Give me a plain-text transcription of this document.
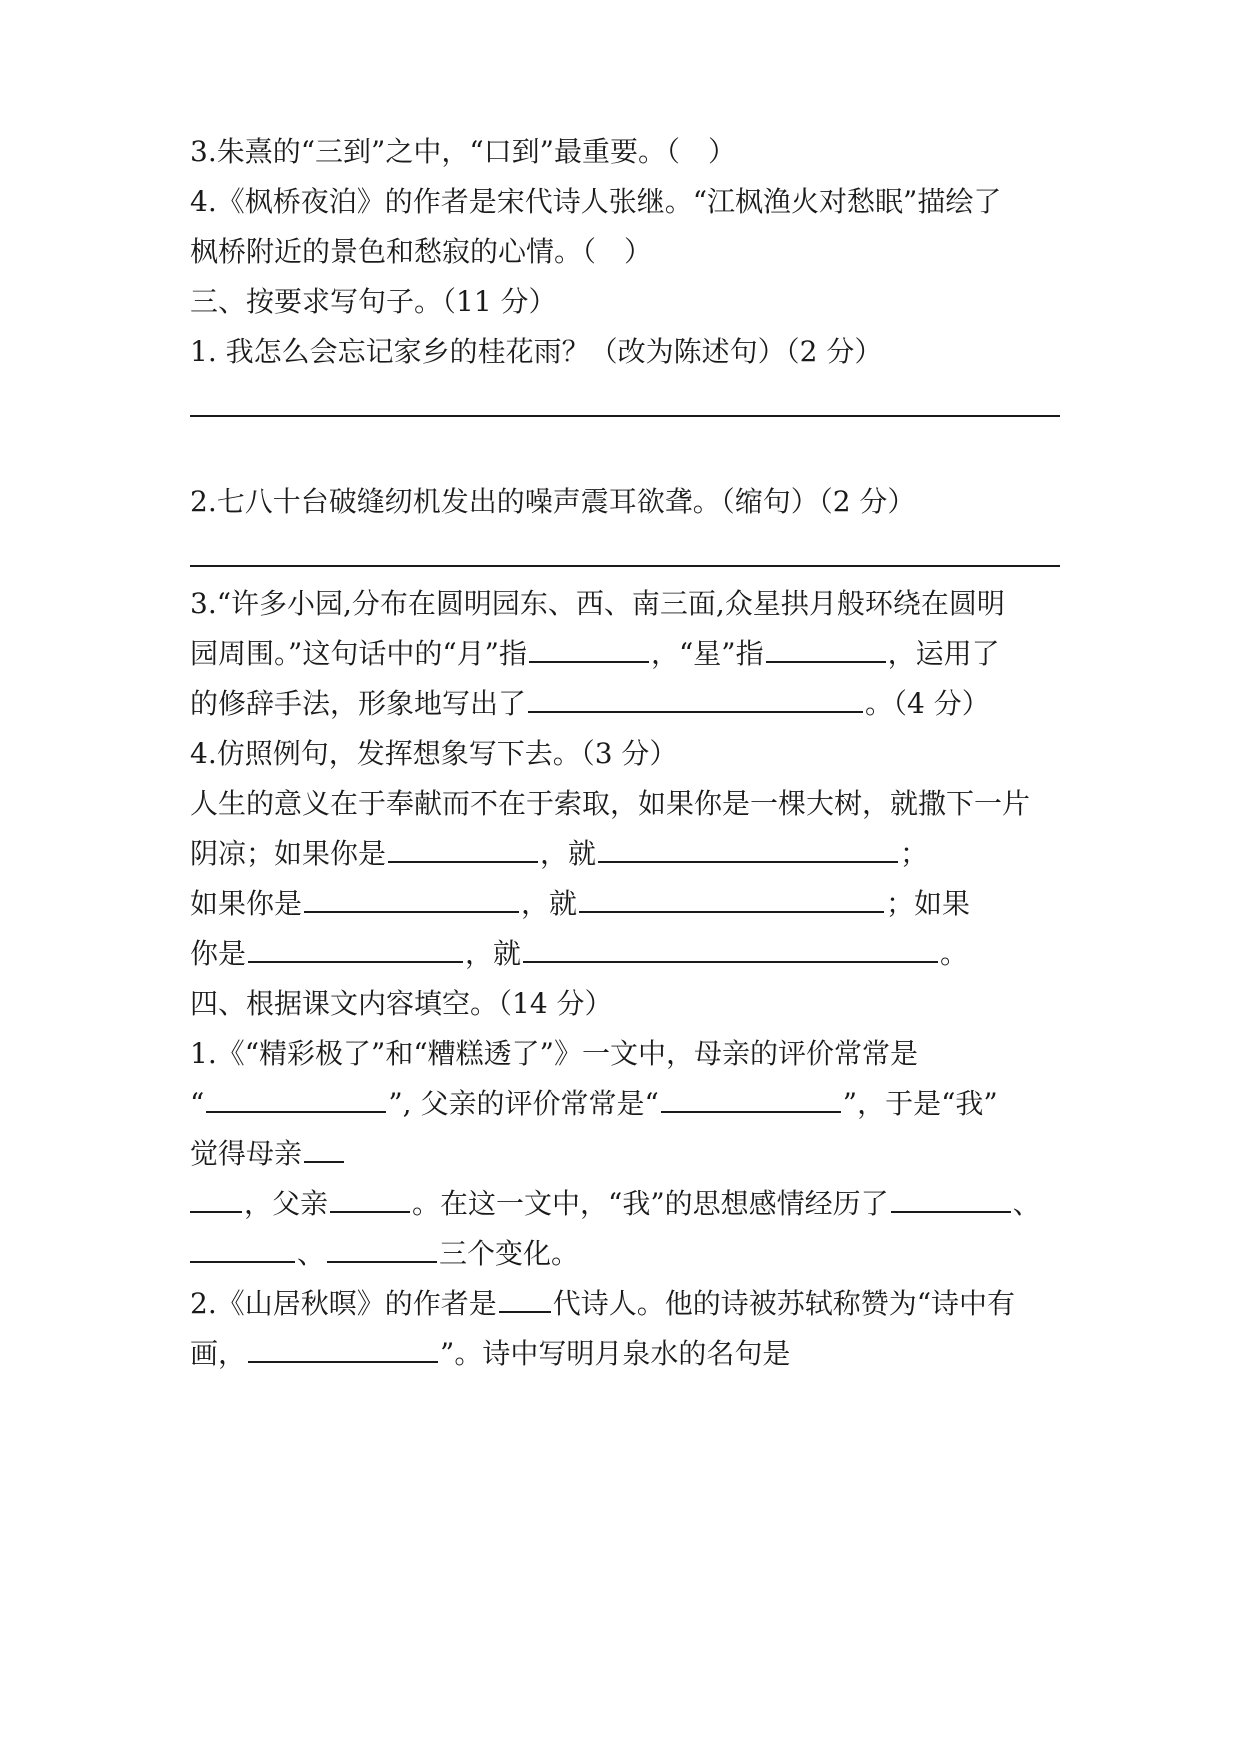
3.朱熹的“三到”之中，“口到”最重要。（　）
4.《枫桥夜泊》的作者是宋代诗人张继。“江枫渔火对愁眠”描绘了
枫桥附近的景色和愁寂的心情。（　）
三、按要求写句子。（11 分）
1. 我怎么会忘记家乡的桂花雨？（改为陈述句）（2 分）
2.七八十台破缝纫机发出的噪声震耳欲聋。（缩句）（2 分）
3.“许多小园,分布在圆明园东、西、南三面,众星拱月般环绕在圆明
园周围。”这句话中的“月”指	，“星”指	，运用了
的修辞手法，形象地写出了	。（4 分）
4.仿照例句，发挥想象写下去。（3 分）
人生的意义在于奉献而不在于索取，如果你是一棵大树，就撒下一片
阴凉；如果你是	，就	；
如果你是	，就	；如果
你是	，就	。
四、根据课文内容填空。（14 分）
1.《“精彩极了”和“糟糕透了”》一文中，母亲的评价常常是
“	”, 父亲的评价常常是“	”，于是“我”
觉得母亲
，父亲	。在这一文中，“我”的思想感情经历了	、
、	三个变化。
2.《山居秋暝》的作者是 代诗人。他的诗被苏轼称赞为“诗中有
画，	”。诗中写明月泉水的名句是
